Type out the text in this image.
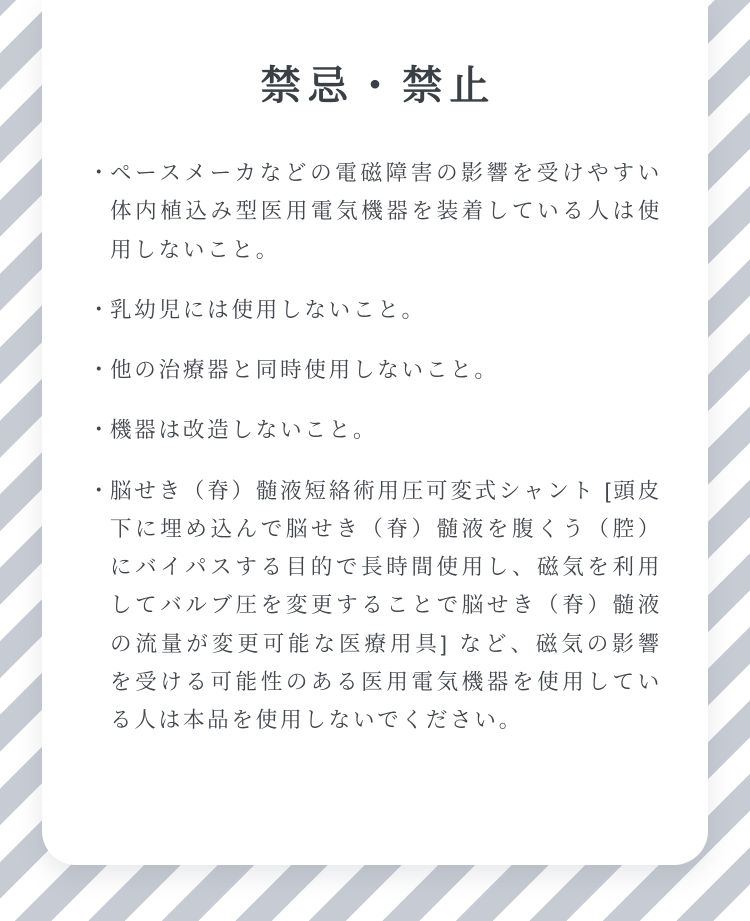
禁忌・禁止
・
ペースメーカなどの電磁障害の影響を受けやすい体内植込み型医用電気機器を装着している人は使用しないこと。
・
乳幼児には使用しないこと。
・
他の治療器と同時使用しないこと。
・
機器は改造しないこと。
・
脳せき（脊）髄液短絡術用圧可変式シャント [頭皮下に埋め込んで脳せき（脊）髄液を腹くう（腔）にバイパスする目的で長時間使用し、磁気を利用してバルブ圧を変更することで脳せき（脊）髄液の流量が変更可能な医療用具] など、磁気の影響を受ける可能性のある医用電気機器を使用している人は本品を使用しないでください。
